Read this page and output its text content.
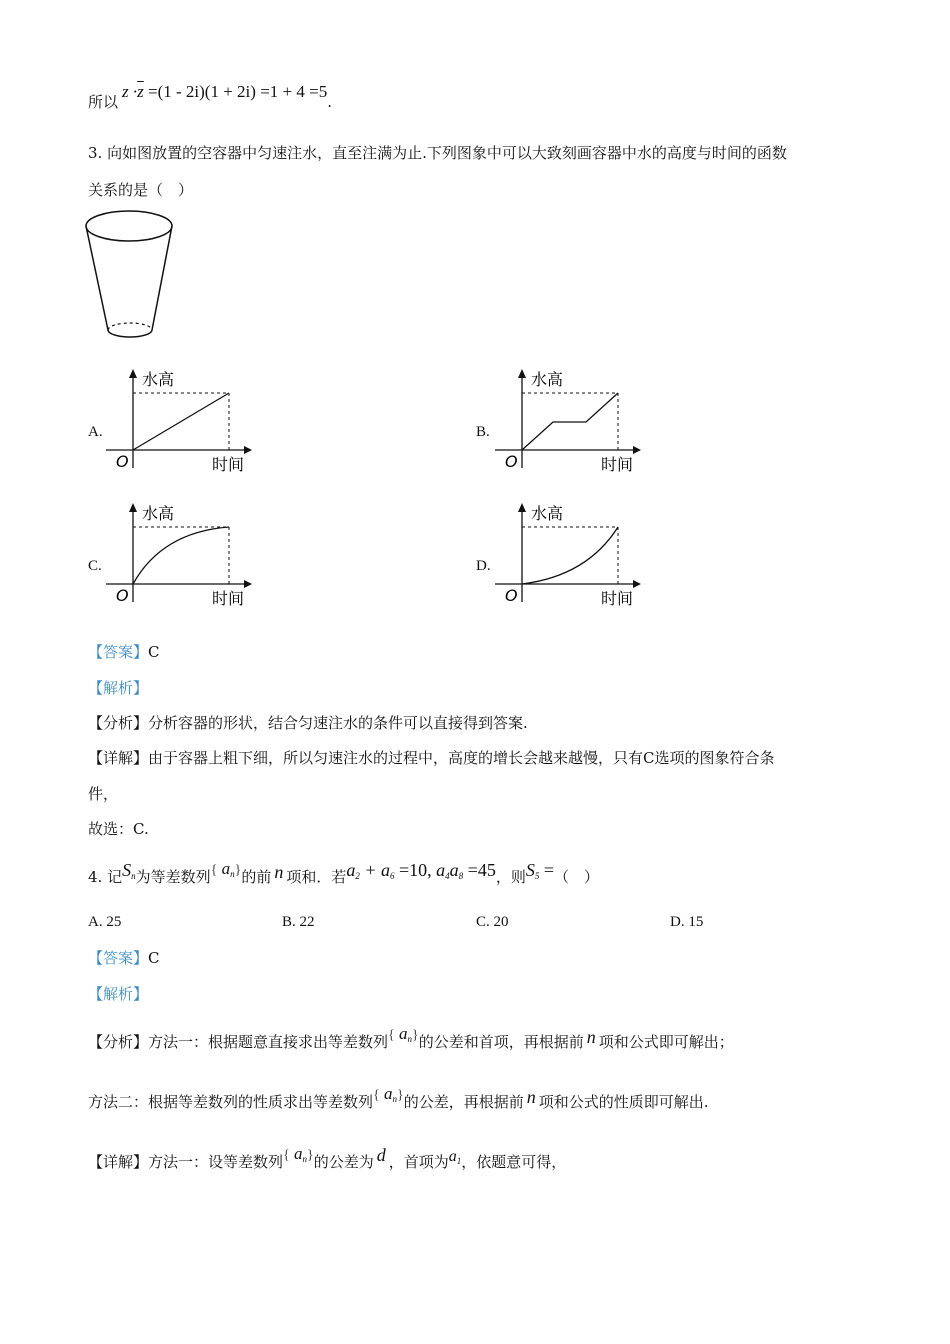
所以$z \cdot\overline{z} =(1 - 2i)(1 + 2i) =1 + 4 =5$.
3. 向如图放置的空容器中匀速注水，直至注满为止.下列图象中可以大致刻画容器中水的高度与时间的函数
关系的是（　）
A.
水高
时间
O
B.
水高
时间
O
C.
水高
时间
O
D.
水高
时间
O
【答案】C
【解析】
【分析】分析容器的形状，结合匀速注水的条件可以直接得到答案.
【详解】由于容器上粗下细，所以匀速注水的过程中，高度的增长会越来越慢，只有C选项的图象符合条
件，
故选：C.
4. 记$S_n$为等差数列{ $a_n$}的前 n 项和．若$a_2 + a_6 =10$, $a_4a_8 =45$，则$S_5$ =（　）
A. 25	B. 22	C. 20	D. 15
【答案】C
【解析】
【分析】方法一：根据题意直接求出等差数列{ $a_n$}的公差和首项，再根据前 n 项和公式即可解出；
方法二：根据等差数列的性质求出等差数列{ $a_n$}的公差，再根据前 n 项和公式的性质即可解出.
【详解】方法一：设等差数列{ $a_n$}的公差为 d ，首项为$a_1$，依题意可得，
